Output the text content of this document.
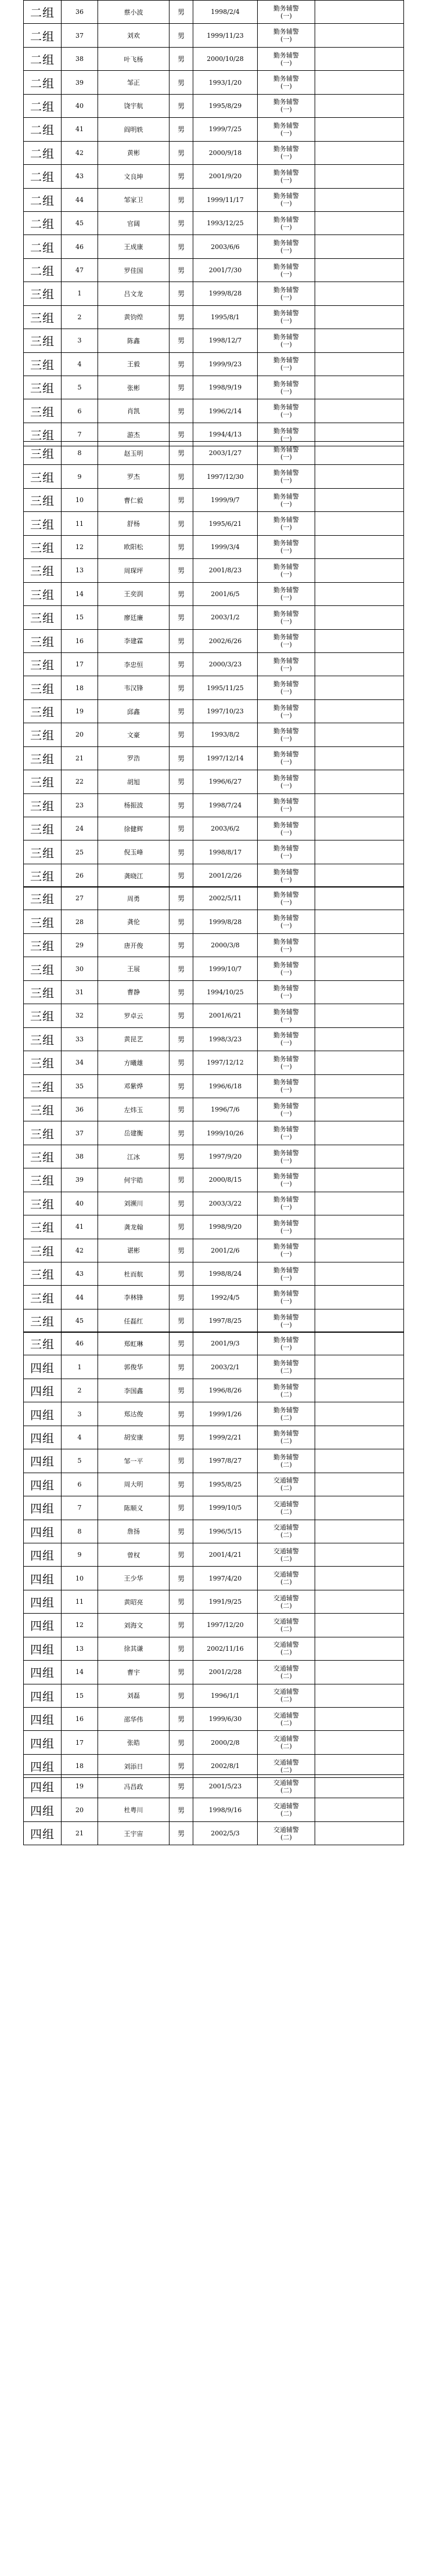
二组	36	蔡小波	男	1998/2/4	勤务辅警
(一)	

二组	37	刘欢	男	1999/11/23	勤务辅警
(一)	

二组	38	叶飞杨	男	2000/10/28	勤务辅警
(一)	

二组	39	邹正	男	1993/1/20	勤务辅警
(一)	

二组	40	饶宇航	男	1995/8/29	勤务辅警
(一)	

二组	41	阎明轶	男	1999/7/25	勤务辅警
(一)	

二组	42	黄彬	男	2000/9/18	勤务辅警
(一)	

二组	43	文良坤	男	2001/9/20	勤务辅警
(一)	

二组	44	邹家卫	男	1999/11/17	勤务辅警
(一)	

二组	45	官阔	男	1993/12/25	勤务辅警
(一)	

二组	46	王成康	男	2003/6/6	勤务辅警
(一)	

二组	47	罗佳国	男	2001/7/30	勤务辅警
(一)	

三组	1	吕文龙	男	1999/8/28	勤务辅警
(一)	

三组	2	黄钧煌	男	1995/8/1	勤务辅警
(一)	

三组	3	陈鑫	男	1998/12/7	勤务辅警
(一)	

三组	4	王毅	男	1999/9/23	勤务辅警
(一)	

三组	5	张彬	男	1998/9/19	勤务辅警
(一)	

三组	6	肖凯	男	1996/2/14	勤务辅警
(一)	

三组	7	游杰	男	1994/4/13	勤务辅警
(一)	

三组	8	赵玉明	男	2003/1/27	勤务辅警
(一)	

三组	9	罗杰	男	1997/12/30	勤务辅警
(一)	

三组	10	曹仁毅	男	1999/9/7	勤务辅警
(一)	

三组	11	舒杨	男	1995/6/21	勤务辅警
(一)	

三组	12	欧阳松	男	1999/3/4	勤务辅警
(一)	

三组	13	周琛坪	男	2001/8/23	勤务辅警
(一)	

三组	14	王奕润	男	2001/6/5	勤务辅警
(一)	

三组	15	廖廷廉	男	2003/1/2	勤务辅警
(一)	

三组	16	李建霖	男	2002/6/26	勤务辅警
(一)	

三组	17	李忠恒	男	2000/3/23	勤务辅警
(一)	

三组	18	韦汉锋	男	1995/11/25	勤务辅警
(一)	

三组	19	邱鑫	男	1997/10/23	勤务辅警
(一)	

三组	20	文豪	男	1993/8/2	勤务辅警
(一)	

三组	21	罗浩	男	1997/12/14	勤务辅警
(一)	

三组	22	胡旭	男	1996/6/27	勤务辅警
(一)	

三组	23	杨振波	男	1998/7/24	勤务辅警
(一)	

三组	24	徐健辉	男	2003/6/2	勤务辅警
(一)	

三组	25	倪玉峰	男	1998/8/17	勤务辅警
(一)	

三组	26	龚晓江	男	2001/2/26	勤务辅警
(一)	

三组	27	周勇	男	2002/5/11	勤务辅警
(一)	

三组	28	龚伦	男	1999/8/28	勤务辅警
(一)	

三组	29	唐开俊	男	2000/3/8	勤务辅警
(一)	

三组	30	王展	男	1999/10/7	勤务辅警
(一)	

三组	31	曹静	男	1994/10/25	勤务辅警
(一)	

三组	32	罗卓云	男	2001/6/21	勤务辅警
(一)	

三组	33	黄昆艺	男	1998/3/23	勤务辅警
(一)	

三组	34	方曦雄	男	1997/12/12	勤务辅警
(一)	

三组	35	邓紫烨	男	1996/6/18	勤务辅警
(一)	

三组	36	左炜玉	男	1996/7/6	勤务辅警
(一)	

三组	37	岳建衡	男	1999/10/26	勤务辅警
(一)	

三组	38	江冰	男	1997/9/20	勤务辅警
(一)	

三组	39	何宇皓	男	2000/8/15	勤务辅警
(一)	

三组	40	刘濒川	男	2003/3/22	勤务辅警
(一)	

三组	41	龚龙翰	男	1998/9/20	勤务辅警
(一)	

三组	42	谌彬	男	2001/2/6	勤务辅警
(一)	

三组	43	杜而航	男	1998/8/24	勤务辅警
(一)	

三组	44	李林锋	男	1992/4/5	勤务辅警
(一)	

三组	45	任磊红	男	1997/8/25	勤务辅警
(一)	

三组	46	郑虹琳	男	2001/9/3	勤务辅警
(一)	

四组	1	郭俊华	男	2003/2/1	勤务辅警
(二)	

四组	2	李国鑫	男	1996/8/26	勤务辅警
(二)	

四组	3	郑达俊	男	1999/1/26	勤务辅警
(二)	

四组	4	胡安康	男	1999/2/21	勤务辅警
(二)	

四组	5	邹一平	男	1997/8/27	勤务辅警
(二)	

四组	6	周大明	男	1995/8/25	交通辅警
(二)	

四组	7	陈顺义	男	1999/10/5	交通辅警
(二)	

四组	8	詹扬	男	1996/5/15	交通辅警
(二)	

四组	9	曾权	男	2001/4/21	交通辅警
(二)	

四组	10	王少华	男	1997/4/20	交通辅警
(二)	

四组	11	黄昭亮	男	1991/9/25	交通辅警
(二)	

四组	12	刘海文	男	1997/12/20	交通辅警
(二)	

四组	13	徐其谦	男	2002/11/16	交通辅警
(二)	

四组	14	曹宇	男	2001/2/28	交通辅警
(二)	

四组	15	刘磊	男	1996/1/1	交通辅警
(二)	

四组	16	邵华伟	男	1999/6/30	交通辅警
(二)	

四组	17	张皓	男	2000/2/8	交通辅警
(二)	

四组	18	刘添日	男	2002/8/1	交通辅警
(二)	

四组	19	冯昌政	男	2001/5/23	交通辅警
(二)	

四组	20	杜粤川	男	1998/9/16	交通辅警
(二)	

四组	21	王宇宙	男	2002/5/3	交通辅警
(二)	
